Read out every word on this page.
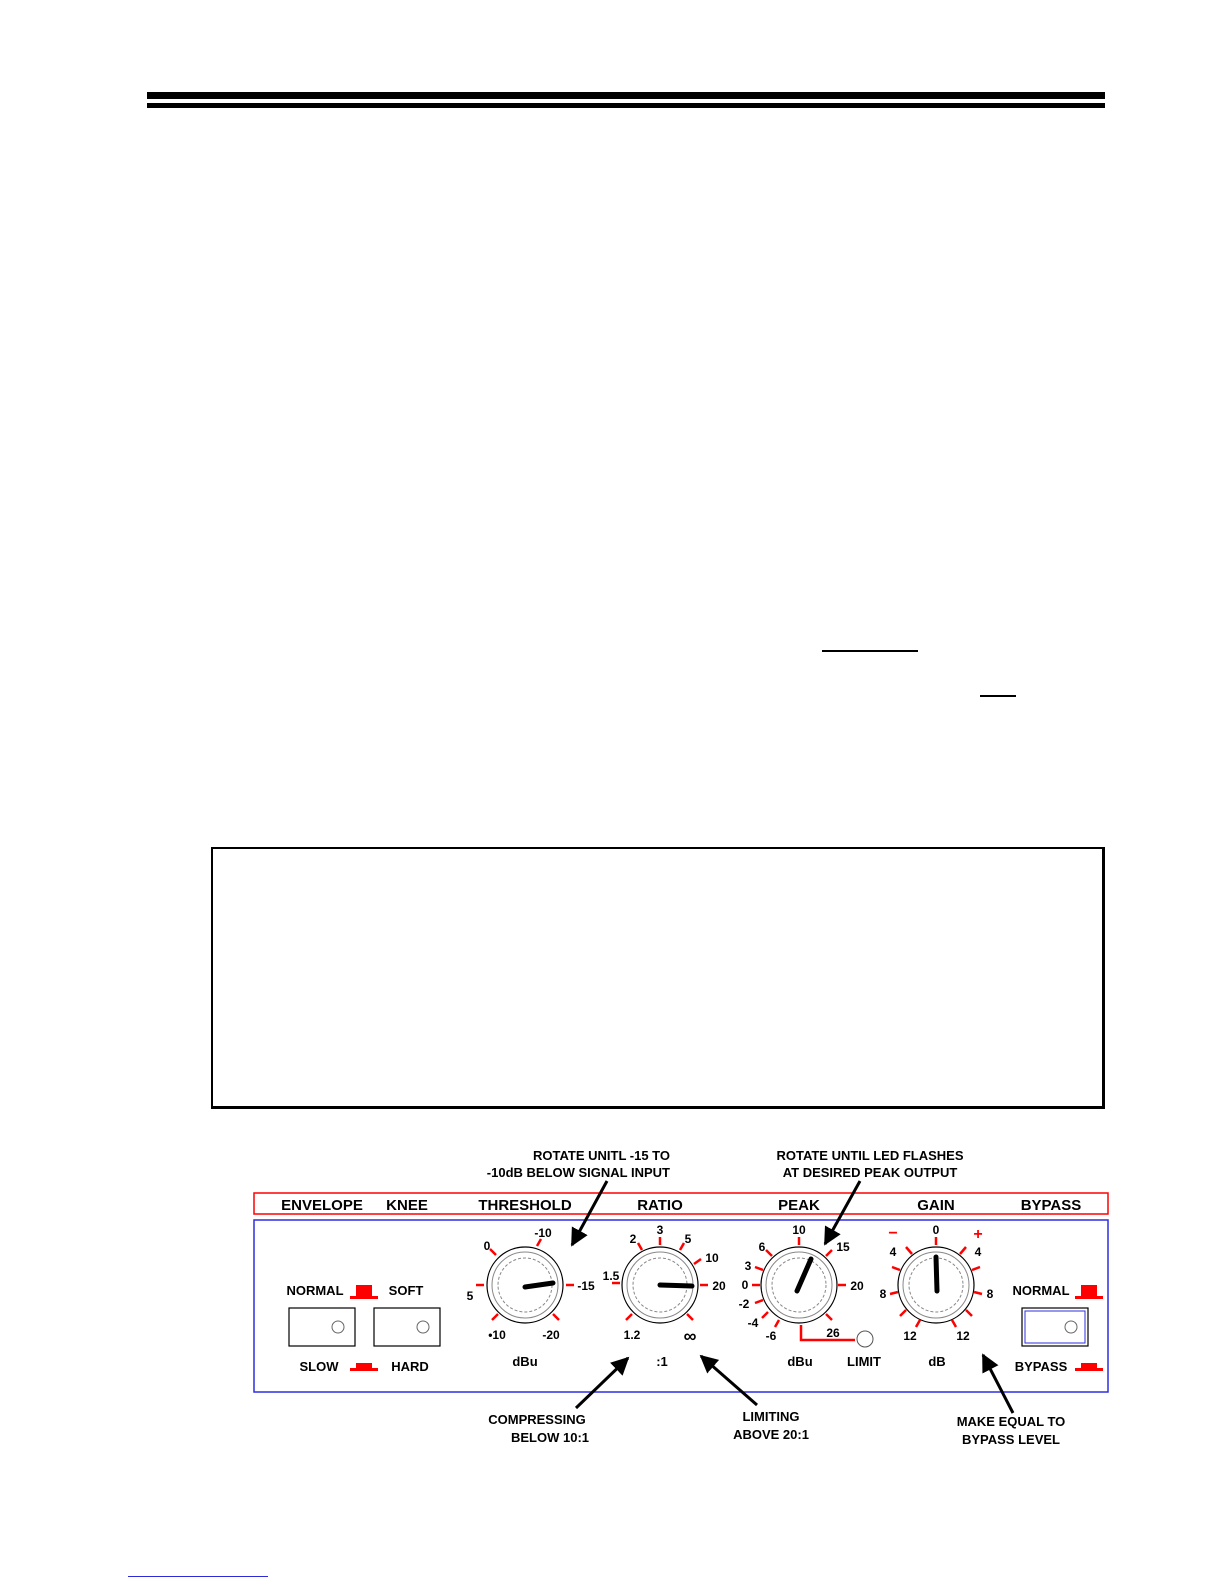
ROTATE UNITL -15 TO
-10dB BELOW SIGNAL INPUT
ROTATE UNTIL LED FLASHES
AT DESIRED PEAK OUTPUT
ENVELOPE KNEE	THRESHOLD	RATIO	PEAK	GAIN	BYPASS
NORMAL
SLOW
SOFT
HARD
0
-10
-15
5
•10	-20
dBu
2
3
5
10
1.5
20
1.2 ∞
:1
10
6	15
3
0	20
-2
-4
-6	26
dBu	LIMIT
0
−	+
4	4
8	8
12	12
dB
NORMAL
BYPASS
COMPRESSING
BELOW 10:1
LIMITING
ABOVE 20:1
MAKE EQUAL TO
BYPASS LEVEL
